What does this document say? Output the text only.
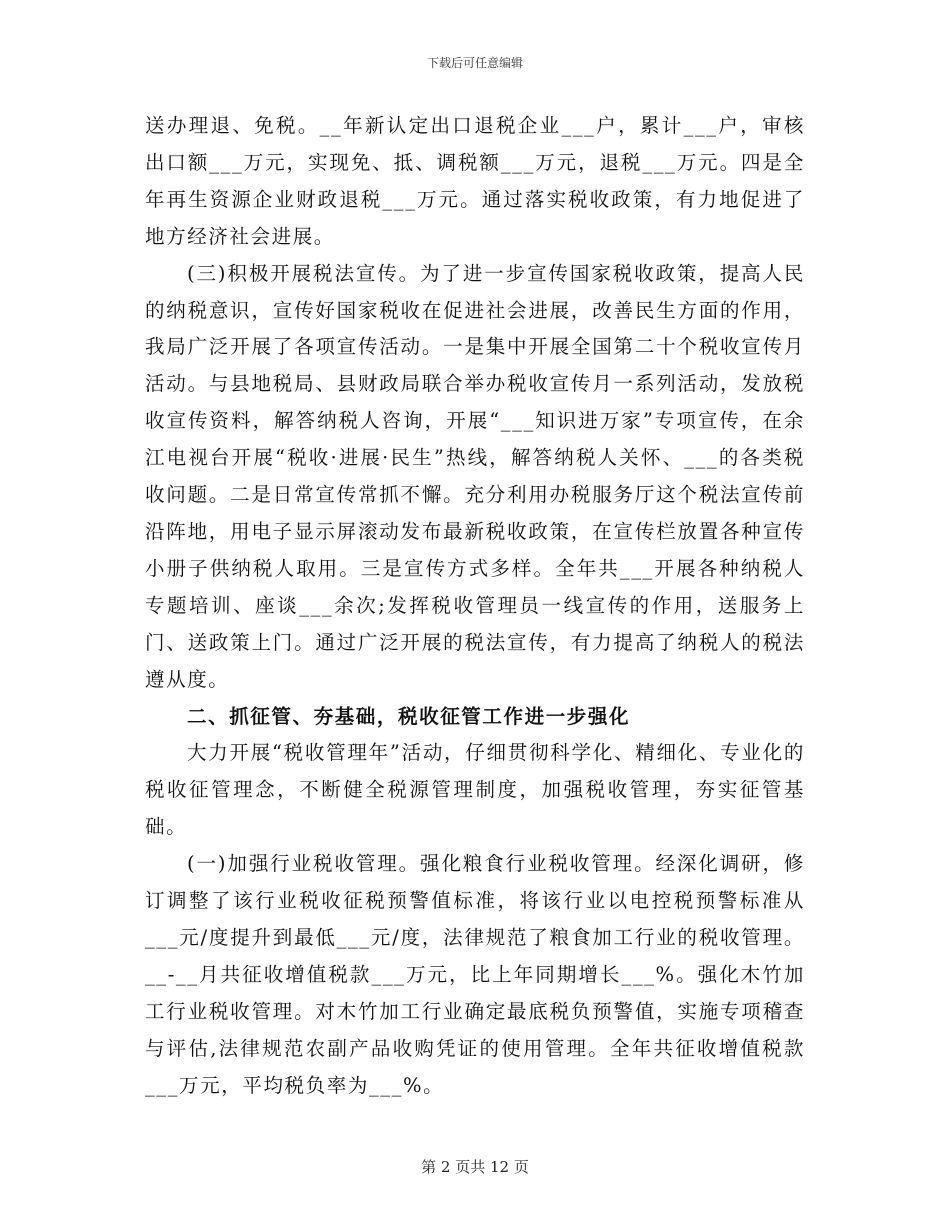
下载后可任意编辑

送办理退、免税。__年新认定出口退税企业___户，累计___户，审核出口额___万元，实现免、抵、调税额___万元，退税___万元。四是全年再生资源企业财政退税___万元。通过落实税收政策，有力地促进了地方经济社会进展。

(三)积极开展税法宣传。为了进一步宣传国家税收政策，提高人民的纳税意识，宣传好国家税收在促进社会进展，改善民生方面的作用，我局广泛开展了各项宣传活动。一是集中开展全国第二十个税收宣传月活动。与县地税局、县财政局联合举办税收宣传月一系列活动，发放税收宣传资料，解答纳税人咨询，开展“___知识进万家”专项宣传，在余江电视台开展“税收·进展·民生”热线，解答纳税人关怀、___的各类税收问题。二是日常宣传常抓不懈。充分利用办税服务厅这个税法宣传前沿阵地，用电子显示屏滚动发布最新税收政策，在宣传栏放置各种宣传小册子供纳税人取用。三是宣传方式多样。全年共___开展各种纳税人专题培训、座谈___余次;发挥税收管理员一线宣传的作用，送服务上门、送政策上门。通过广泛开展的税法宣传，有力提高了纳税人的税法遵从度。

二、抓征管、夯基础，税收征管工作进一步强化

大力开展“税收管理年”活动，仔细贯彻科学化、精细化、专业化的税收征管理念，不断健全税源管理制度，加强税收管理，夯实征管基础。

(一)加强行业税收管理。强化粮食行业税收管理。经深化调研，修订调整了该行业税收征税预警值标准，将该行业以电控税预警标准从___元/度提升到最低___元/度，法律规范了粮食加工行业的税收管理。__-__月共征收增值税款___万元，比上年同期增长___%。强化木竹加工行业税收管理。对木竹加工行业确定最底税负预警值，实施专项稽查与评估,法律规范农副产品收购凭证的使用管理。全年共征收增值税款___万元，平均税负率为___%。

第 2 页共 12 页
